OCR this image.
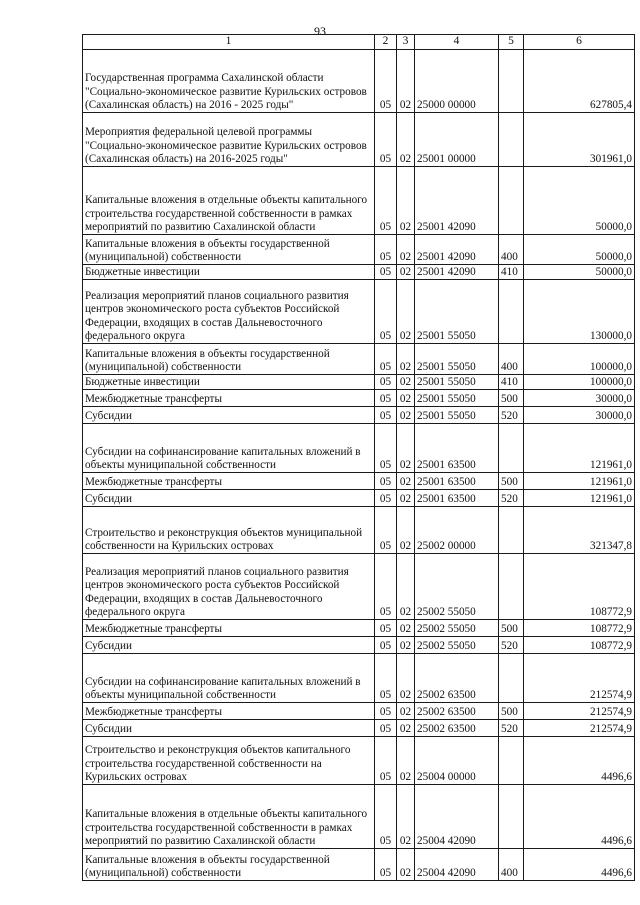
93
1	2	3	4	5	6
Государственная программа Сахалинской области "Социально-экономическое развитие Курильских островов (Сахалинская область) на 2016 - 2025 годы"	05	02	25000 00000		627805,4
Мероприятия федеральной целевой программы "Социально-экономическое развитие Курильских островов (Сахалинская область) на 2016-2025 годы"	05	02	25001 00000		301961,0
Капитальные вложения в отдельные объекты капитального строительства государственной собственности в рамках мероприятий по развитию Сахалинской области	05	02	25001 42090		50000,0
Капитальные вложения в объекты государственной (муниципальной) собственности	05	02	25001 42090	400	50000,0
Бюджетные инвестиции	05	02	25001 42090	410	50000,0
Реализация мероприятий планов социального развития центров экономического роста субъектов Российской Федерации, входящих в состав Дальневосточного федерального округа	05	02	25001 55050		130000,0
Капитальные вложения в объекты государственной (муниципальной) собственности	05	02	25001 55050	400	100000,0
Бюджетные инвестиции	05	02	25001 55050	410	100000,0
Межбюджетные трансферты	05	02	25001 55050	500	30000,0
Субсидии	05	02	25001 55050	520	30000,0
Субсидии на софинансирование капитальных вложений в объекты муниципальной собственности	05	02	25001 63500		121961,0
Межбюджетные трансферты	05	02	25001 63500	500	121961,0
Субсидии	05	02	25001 63500	520	121961,0
Строительство и реконструкция объектов муниципальной собственности на Курильских островах	05	02	25002 00000		321347,8
Реализация мероприятий планов социального развития центров экономического роста субъектов Российской Федерации, входящих в состав Дальневосточного федерального округа	05	02	25002 55050		108772,9
Межбюджетные трансферты	05	02	25002 55050	500	108772,9
Субсидии	05	02	25002 55050	520	108772,9
Субсидии на софинансирование капитальных вложений в объекты муниципальной собственности	05	02	25002 63500		212574,9
Межбюджетные трансферты	05	02	25002 63500	500	212574,9
Субсидии	05	02	25002 63500	520	212574,9
Строительство и реконструкция объектов капитального строительства государственной собственности на Курильских островах	05	02	25004 00000		4496,6
Капитальные вложения в отдельные объекты капитального строительства государственной собственности в рамках мероприятий по развитию Сахалинской области	05	02	25004 42090		4496,6
Капитальные вложения в объекты государственной (муниципальной) собственности	05	02	25004 42090	400	4496,6
